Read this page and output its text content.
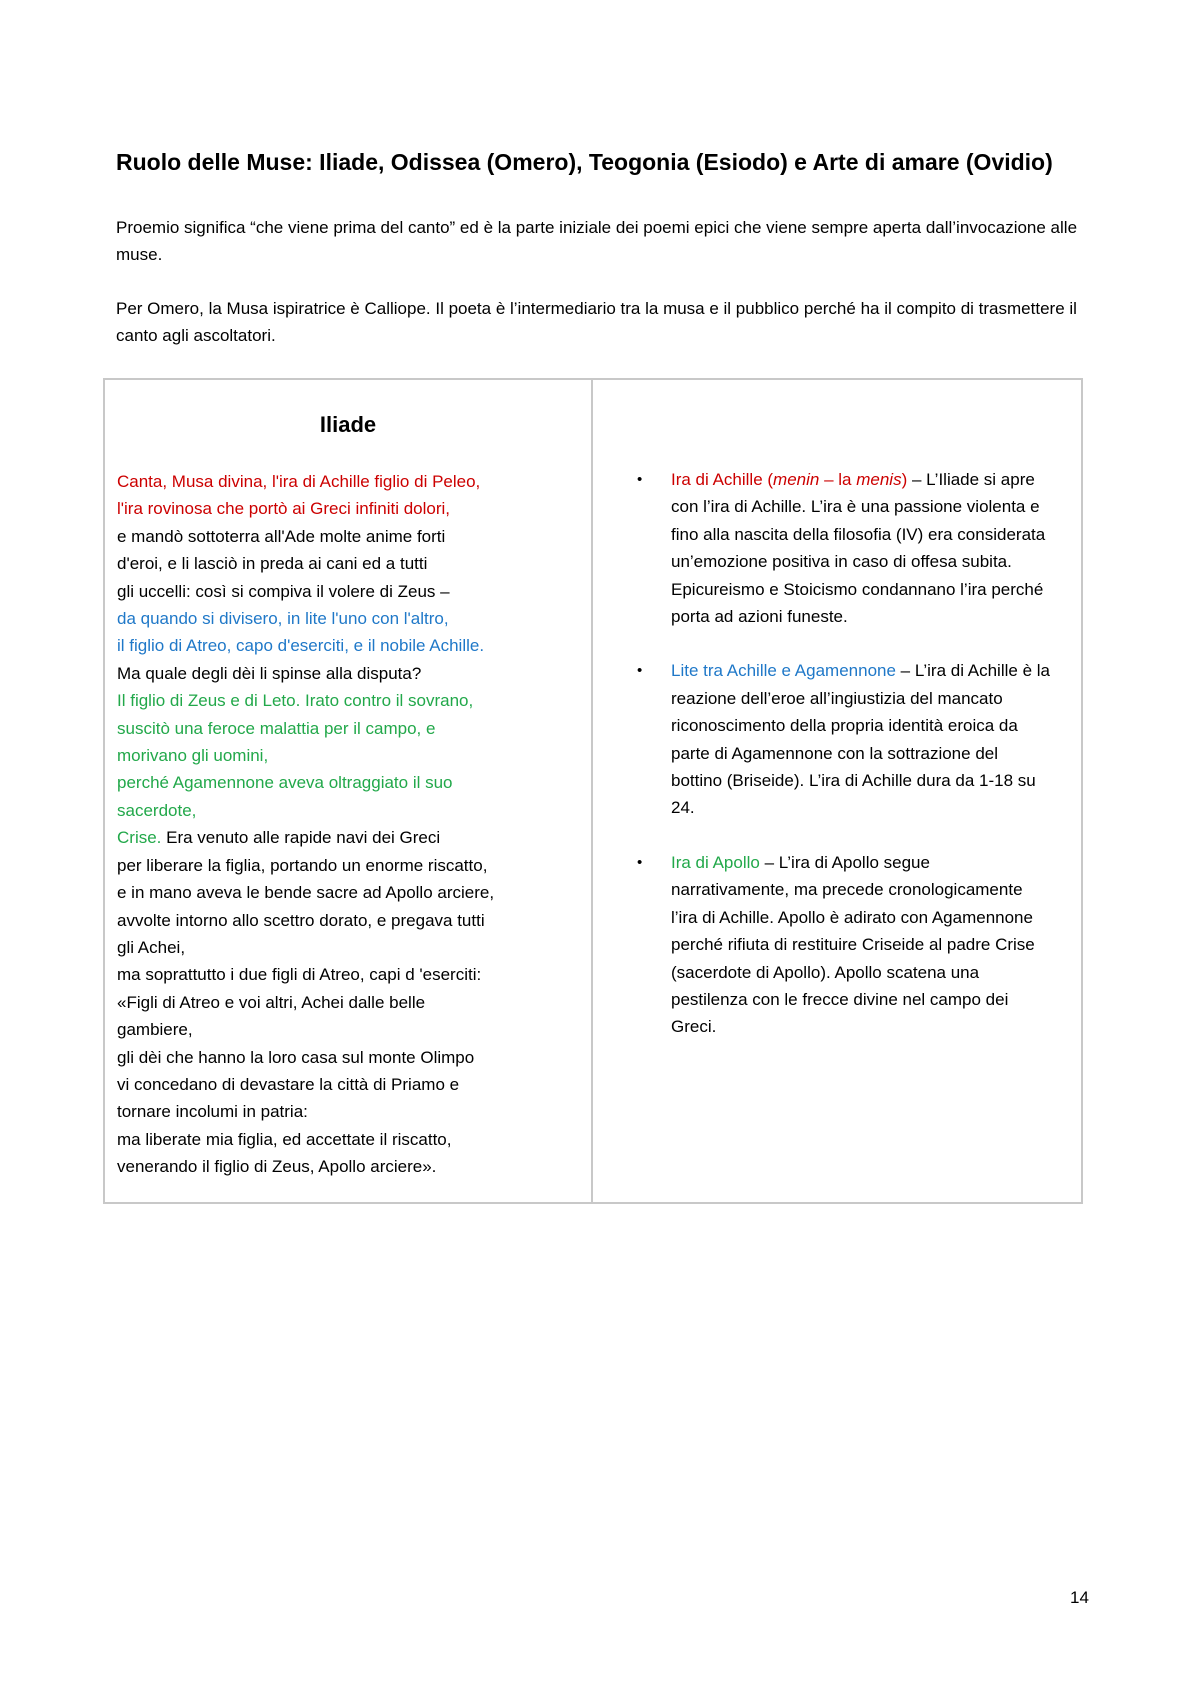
Ruolo delle Muse: Iliade, Odissea (Omero), Teogonia (Esiodo) e Arte di amare (Ovidio)

Proemio significa “che viene prima del canto” ed è la parte iniziale dei poemi epici che viene sempre aperta dall’invocazione alle muse.

Per Omero, la Musa ispiratrice è Calliope. Il poeta è l’intermediario tra la musa e il pubblico perché ha il compito di trasmettere il canto agli ascoltatori.

Iliade
Canta, Musa divina, l'ira di Achille figlio di Peleo,
l'ira rovinosa che portò ai Greci infiniti dolori,
e mandò sottoterra all'Ade molte anime forti
d'eroi, e li lasciò in preda ai cani ed a tutti
gli uccelli: così si compiva il volere di Zeus –
da quando si divisero, in lite l'uno con l'altro,
il figlio di Atreo, capo d'eserciti, e il nobile Achille.
Ma quale degli dèi li spinse alla disputa?
Il figlio di Zeus e di Leto. Irato contro il sovrano,
suscitò una feroce malattia per il campo, e
morivano gli uomini,
perché Agamennone aveva oltraggiato il suo
sacerdote,
Crise. Era venuto alle rapide navi dei Greci
per liberare la figlia, portando un enorme riscatto,
e in mano aveva le bende sacre ad Apollo arciere,
avvolte intorno allo scettro dorato, e pregava tutti
gli Achei,
ma soprattutto i due figli di Atreo, capi d 'eserciti:
«Figli di Atreo e voi altri, Achei dalle belle
gambiere,
gli dèi che hanno la loro casa sul monte Olimpo
vi concedano di devastare la città di Priamo e
tornare incolumi in patria:
ma liberate mia figlia, ed accettate il riscatto,
venerando il figlio di Zeus, Apollo arciere».
• Ira di Achille (menin – la menis) – L’Iliade si apre con l’ira di Achille. L’ira è una passione violenta e fino alla nascita della filosofia (IV) era considerata un’emozione positiva in caso di offesa subita. Epicureismo e Stoicismo condannano l’ira perché porta ad azioni funeste.
• Lite tra Achille e Agamennone – L’ira di Achille è la reazione dell’eroe all’ingiustizia del mancato riconoscimento della propria identità eroica da parte di Agamennone con la sottrazione del bottino (Briseide). L’ira di Achille dura da 1-18 su 24.
• Ira di Apollo – L’ira di Apollo segue narrativamente, ma precede cronologicamente l’ira di Achille. Apollo è adirato con Agamennone perché rifiuta di restituire Criseide al padre Crise (sacerdote di Apollo). Apollo scatena una pestilenza con le frecce divine nel campo dei Greci.
14
